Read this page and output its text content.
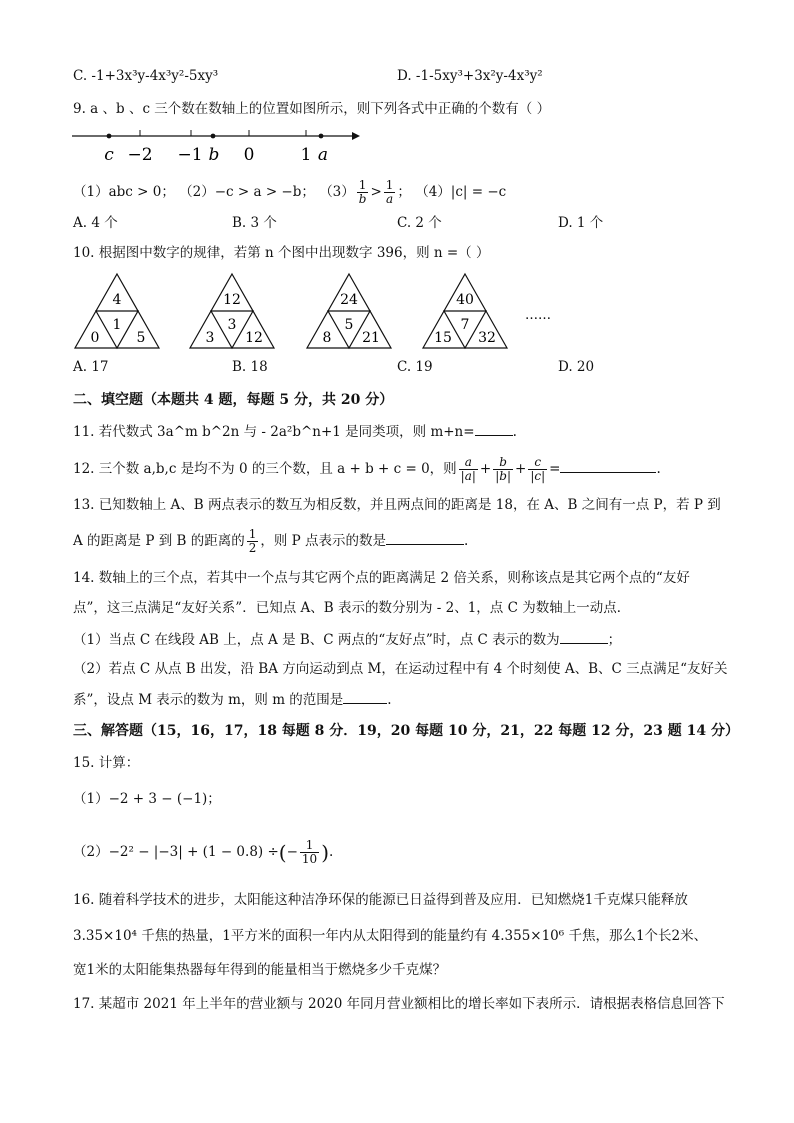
C. -1+3x³y-4x³y²-5xy³	D. -1-5xy³+3x²y-4x³y²
9. a 、b 、c 三个数在数轴上的位置如图所示，则下列各式中正确的个数有（ ）
c −2 −1 b 0	1 a
（1）abc > 0； （2）−c > a > −b； $(3) \frac{1}{b} > \frac{1}{a}$ ； （4）|c| = −c
A. 4 个	B. 3 个	C. 2 个	D. 1 个
10. 根据图中数字的规律，若第 n 个图中出现数字 396，则 n =（ ）
4
0
1
5
12
3
3
12
24
8
5
21
40
15
7
32
……
A. 17	B. 18	C. 19	D. 20
二、填空题（本题共 4 题，每题 5 分，共 20 分）
11. 若代数式 3a^m b^2n 与 - 2a²b^n+1 是同类项，则 m+n=	.
12. 三个数 a,b,c 是均不为 0 的三个数，且 a + b + c = 0，则 $\frac{a}{|a|} + \frac{b}{|b|} + \frac{c}{|c|}$ =	.
13. 已知数轴上 A、B 两点表示的数互为相反数，并且两点间的距离是 18，在 A、B 之间有一点 P，若 P 到
A 的距离是 P 到 B 的距离的 $\frac{1}{2}$ ，则 P 点表示的数是	.
14. 数轴上的三个点，若其中一个点与其它两个点的距离满足 2 倍关系，则称该点是其它两个点的“友好
点”，这三点满足“友好关系”．已知点 A、B 表示的数分别为 - 2、1，点 C 为数轴上一动点．
（1）当点 C 在线段 AB 上，点 A 是 B、C 两点的“友好点”时，点 C 表示的数为	；
（2）若点 C 从点 B 出发，沿 BA 方向运动到点 M，在运动过程中有 4 个时刻使 A、B、C 三点满足“友好关
系”，设点 M 表示的数为 m，则 m 的范围是	.
三、解答题（15，16，17，18 每题 8 分．19，20 每题 10 分，21，22 每题 12 分，23 题 14 分）
15. 计算：
（1）−2 + 3 − (−1)；
（2）−2² − |−3| + (1 − 0.8) ÷(− $\frac{1}{10}$ ).
16. 随着科学技术的进步，太阳能这种洁净环保的能源已日益得到普及应用．已知燃烧1千克煤只能释放
3.35×10⁴ 千焦的热量，1平方米的面积一年内从太阳得到的能量约有 4.355×10⁶ 千焦，那么1个长2米、
宽1米的太阳能集热器每年得到的能量相当于燃烧多少千克煤？
17. 某超市 2021 年上半年的营业额与 2020 年同月营业额相比的增长率如下表所示．请根据表格信息回答下
